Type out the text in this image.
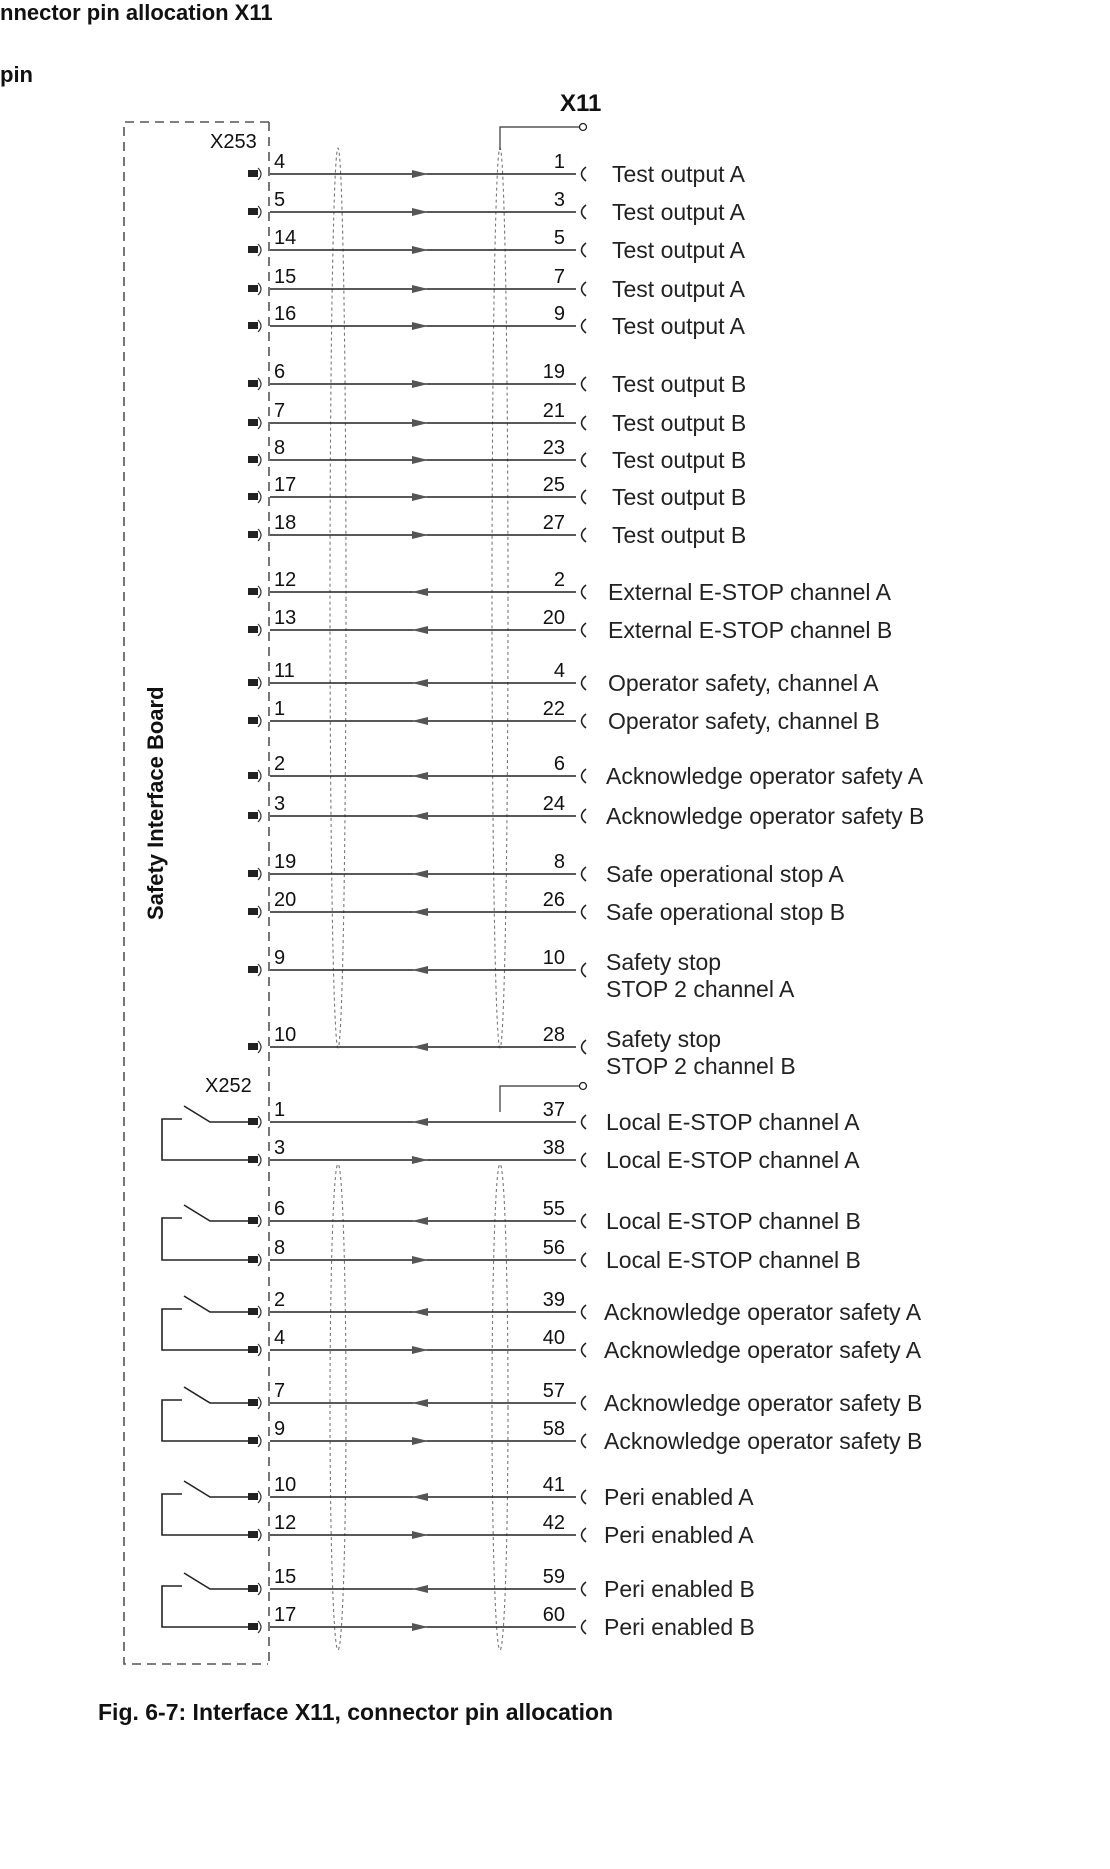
nnector pin allocation X11
pin
Safety Interface Board
X11
X253
X252
4	1 Test output A
5	3 Test output A
14	5 Test output A
15	7 Test output A
16	9 Test output A
6	19 Test output B
7	21 Test output B
8	23 Test output B
17	25 Test output B
18	27 Test output B
12	2 External E-STOP channel A
13	20 External E-STOP channel B
11	4 Operator safety, channel A
1	22 Operator safety, channel B
2	6 Acknowledge operator safety A
3	24 Acknowledge operator safety B
19	8 Safe operational stop A
20	26 Safe operational stop B
9	10 Safety stop
STOP 2 channel A
10	28 Safety stop
STOP 2 channel B
1	37 Local E-STOP channel A
3	38 Local E-STOP channel A
6	55 Local E-STOP channel B
8	56 Local E-STOP channel B
2	39 Acknowledge operator safety A
4	40 Acknowledge operator safety A
7	57 Acknowledge operator safety B
9	58 Acknowledge operator safety B
10	41 Peri enabled A
12	42 Peri enabled A
15	59 Peri enabled B
17	60 Peri enabled B
Fig. 6-7: Interface X11, connector pin allocation
